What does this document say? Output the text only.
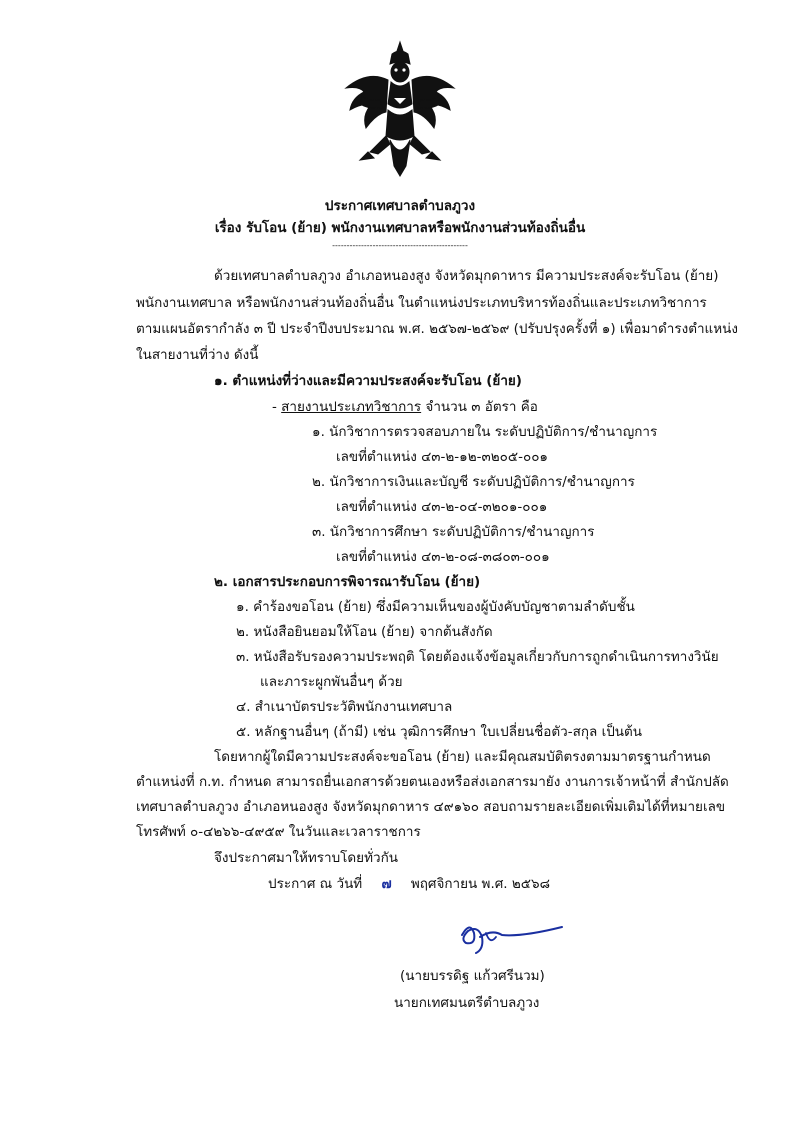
ประกาศเทศบาลตำบลภูวง
เรื่อง รับโอน (ย้าย) พนักงานเทศบาลหรือพนักงานส่วนท้องถิ่นอื่น
-----------------------------------------------
ด้วยเทศบาลตำบลภูวง อำเภอหนองสูง จังหวัดมุกดาหาร มีความประสงค์จะรับโอน (ย้าย)
พนักงานเทศบาล หรือพนักงานส่วนท้องถิ่นอื่น ในตำแหน่งประเภทบริหารท้องถิ่นและประเภทวิชาการ
ตามแผนอัตรากำลัง ๓ ปี ประจำปีงบประมาณ พ.ศ. ๒๕๖๗-๒๕๖๙ (ปรับปรุงครั้งที่ ๑) เพื่อมาดำรงตำแหน่ง
ในสายงานที่ว่าง ดังนี้
๑. ตำแหน่งที่ว่างและมีความประสงค์จะรับโอน (ย้าย)
- สายงานประเภทวิชาการ จำนวน ๓ อัตรา คือ
๑. นักวิชาการตรวจสอบภายใน ระดับปฏิบัติการ/ชำนาญการ
เลขที่ตำแหน่ง ๔๓-๒-๑๒-๓๒๐๕-๐๐๑
๒. นักวิชาการเงินและบัญชี ระดับปฏิบัติการ/ชำนาญการ
เลขที่ตำแหน่ง ๔๓-๒-๐๔-๓๒๐๑-๐๐๑
๓. นักวิชาการศึกษา ระดับปฏิบัติการ/ชำนาญการ
เลขที่ตำแหน่ง ๔๓-๒-๐๘-๓๘๐๓-๐๐๑
๒. เอกสารประกอบการพิจารณารับโอน (ย้าย)
๑. คำร้องขอโอน (ย้าย) ซึ่งมีความเห็นของผู้บังคับบัญชาตามลำดับชั้น
๒. หนังสือยินยอมให้โอน (ย้าย) จากต้นสังกัด
๓. หนังสือรับรองความประพฤติ โดยต้องแจ้งข้อมูลเกี่ยวกับการถูกดำเนินการทางวินัย
และภาระผูกพันอื่นๆ ด้วย
๔. สำเนาบัตรประวัติพนักงานเทศบาล
๕. หลักฐานอื่นๆ (ถ้ามี) เช่น วุฒิการศึกษา ใบเปลี่ยนชื่อตัว-สกุล เป็นต้น
โดยหากผู้ใดมีความประสงค์จะขอโอน (ย้าย) และมีคุณสมบัติตรงตามมาตรฐานกำหนด
ตำแหน่งที่ ก.ท. กำหนด สามารถยื่นเอกสารด้วยตนเองหรือส่งเอกสารมายัง งานการเจ้าหน้าที่ สำนักปลัด
เทศบาลตำบลภูวง อำเภอหนองสูง จังหวัดมุกดาหาร ๔๙๑๖๐ สอบถามรายละเอียดเพิ่มเติมได้ที่หมายเลข
โทรศัพท์ ๐-๔๒๖๖-๔๙๕๙ ในวันและเวลาราชการ
จึงประกาศมาให้ทราบโดยทั่วกัน
ประกาศ ณ วันที่ ๗ พฤศจิกายน พ.ศ. ๒๕๖๘
(นายบรรดิฐ แก้วศรีนวม)
นายกเทศมนตรีตำบลภูวง
